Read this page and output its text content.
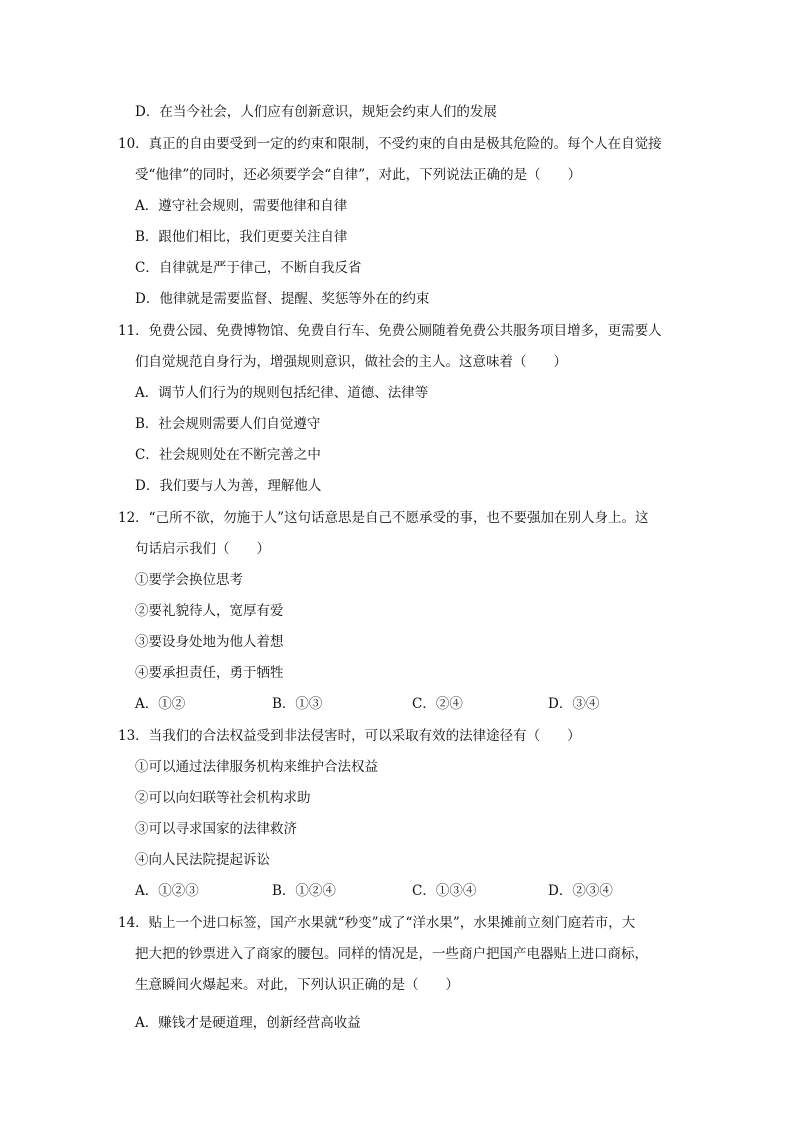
D．在当今社会，人们应有创新意识，规矩会约束人们的发展
10．真正的自由要受到一定的约束和限制，不受约束的自由是极其危险的。每个人在自觉接
受“他律”的同时，还必须要学会“自律”，对此，下列说法正确的是（　　）
A．遵守社会规则，需要他律和自律
B．跟他们相比，我们更要关注自律
C．自律就是严于律己，不断自我反省
D．他律就是需要监督、提醒、奖惩等外在的约束
11．免费公园、免费博物馆、免费自行车、免费公厕随着免费公共服务项目增多，更需要人
们自觉规范自身行为，增强规则意识，做社会的主人。这意味着（　　）
A．调节人们行为的规则包括纪律、道德、法律等
B．社会规则需要人们自觉遵守
C．社会规则处在不断完善之中
D．我们要与人为善，理解他人
12．“己所不欲，勿施于人”这句话意思是自己不愿承受的事，也不要强加在别人身上。这
句话启示我们（　　）
①要学会换位思考
②要礼貌待人，宽厚有爱
③要设身处地为他人着想
④要承担责任，勇于牺牲
A．①②	B．①③	C．②④	D．③④
13．当我们的合法权益受到非法侵害时，可以采取有效的法律途径有（　　）
①可以通过法律服务机构来维护合法权益
②可以向妇联等社会机构求助
③可以寻求国家的法律救济
④向人民法院提起诉讼
A．①②③	B．①②④	C．①③④	D．②③④
14．贴上一个进口标签，国产水果就“秒变”成了“洋水果”，水果摊前立刻门庭若市，大
把大把的钞票进入了商家的腰包。同样的情况是，一些商户把国产电器贴上进口商标，
生意瞬间火爆起来。对此，下列认识正确的是（　　）
A．赚钱才是硬道理，创新经营高收益
